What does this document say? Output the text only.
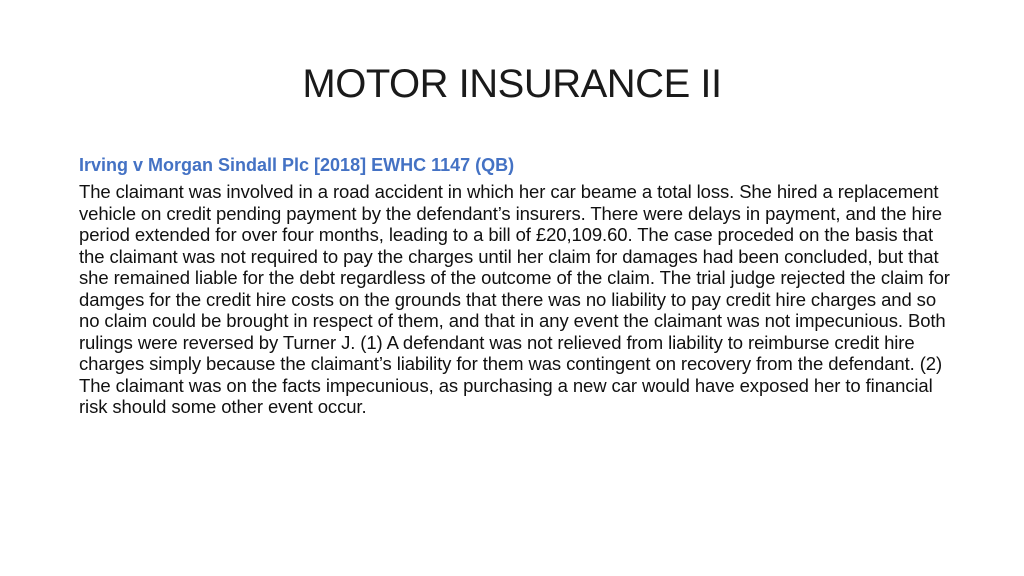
MOTOR INSURANCE II

Irving v Morgan Sindall Plc [2018] EWHC 1147 (QB)

The claimant was involved in a road accident in which her car beame a total loss. She hired a replacement vehicle on credit pending payment by the defendant’s insurers. There were delays in payment, and the hire period extended for over four months, leading to a bill of £20,109.60. The case proceded on the basis that the claimant was not required to pay the charges until her claim for damages had been concluded, but that she remained liable for the debt regardless of the outcome of the claim. The trial judge rejected the claim for damges for the credit hire costs on the grounds that there was no liability to pay credit hire charges and so no claim could be brought in respect of them, and that in any event the claimant was not impecunious. Both rulings were reversed by Turner J. (1) A defendant was not relieved from liability to reimburse credit hire charges simply because the claimant’s liability for them was contingent on recovery from the defendant. (2) The claimant was on the facts impecunious, as purchasing a new car would have exposed her to financial risk should some other event occur.
